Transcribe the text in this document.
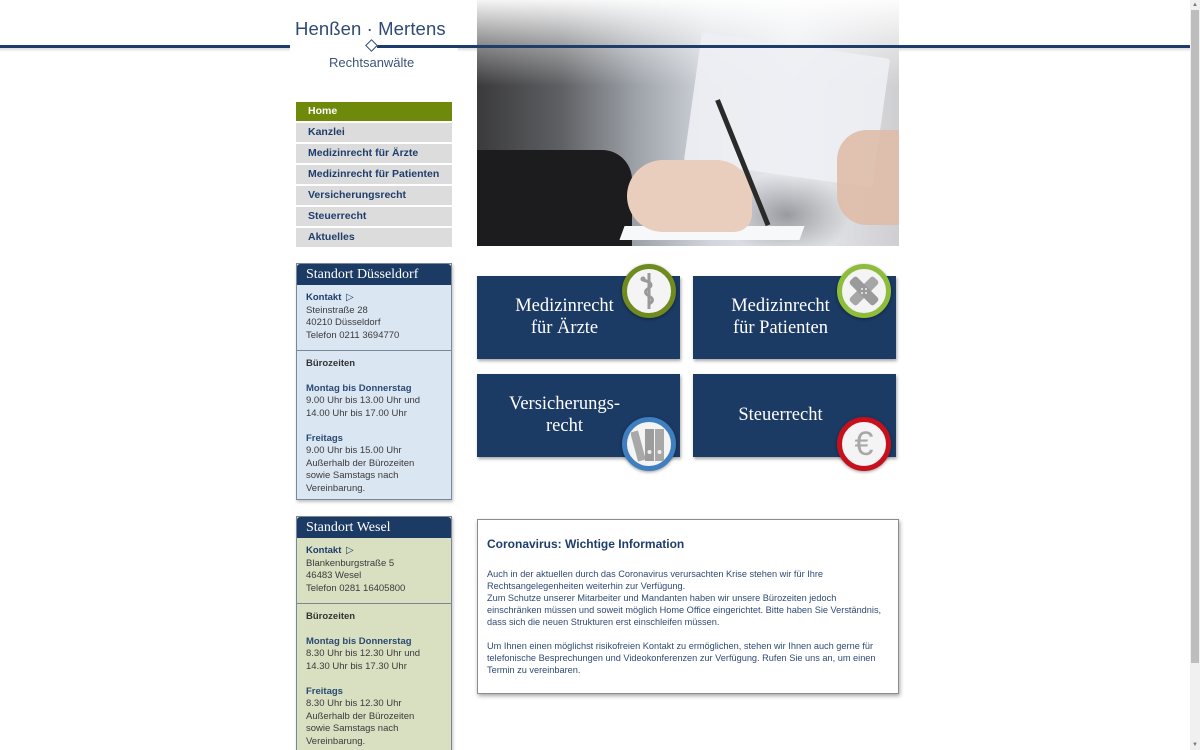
Henßen · Mertens
Rechtsanwälte
Home
Kanzlei
Medizinrecht für Ärzte
Medizinrecht für Patienten
Versicherungsrecht
Steuerrecht
Aktuelles
Standort Düsseldorf
Kontakt ▷
Steinstraße 28
40210 Düsseldorf
Telefon 0211 3694770
Bürozeiten
Montag bis Donnerstag
9.00 Uhr bis 13.00 Uhr und
14.00 Uhr bis 17.00 Uhr
Freitags
9.00 Uhr bis 15.00 Uhr
Außerhalb der Bürozeiten
sowie Samstags nach
Vereinbarung.
Standort Wesel
Kontakt ▷
Blankenburgstraße 5
46483 Wesel
Telefon 0281 16405800
Bürozeiten
Montag bis Donnerstag
8.30 Uhr bis 12.30 Uhr und
14.30 Uhr bis 17.30 Uhr
Freitags
8.30 Uhr bis 12.30 Uhr
Außerhalb der Bürozeiten
sowie Samstags nach
Vereinbarung.
Medizinrecht
für Ärzte
Medizinrecht
für Patienten
Versicherungs-
recht
Steuerrecht
€
Coronavirus: Wichtige Information

Auch in der aktuellen durch das Coronavirus verursachten Krise stehen wir für Ihre Rechtsangelegenheiten weiterhin zur Verfügung.
Zum Schutze unserer Mitarbeiter und Mandanten haben wir unsere Bürozeiten jedoch einschränken müssen und soweit möglich Home Office eingerichtet. Bitte haben Sie Verständnis, dass sich die neuen Strukturen erst einschleifen müssen.

Um Ihnen einen möglichst risikofreien Kontakt zu ermöglichen, stehen wir Ihnen auch gerne für telefonische Besprechungen und Videokonferenzen zur Verfügung. Rufen Sie uns an, um einen Termin zu vereinbaren.

▲
▼
